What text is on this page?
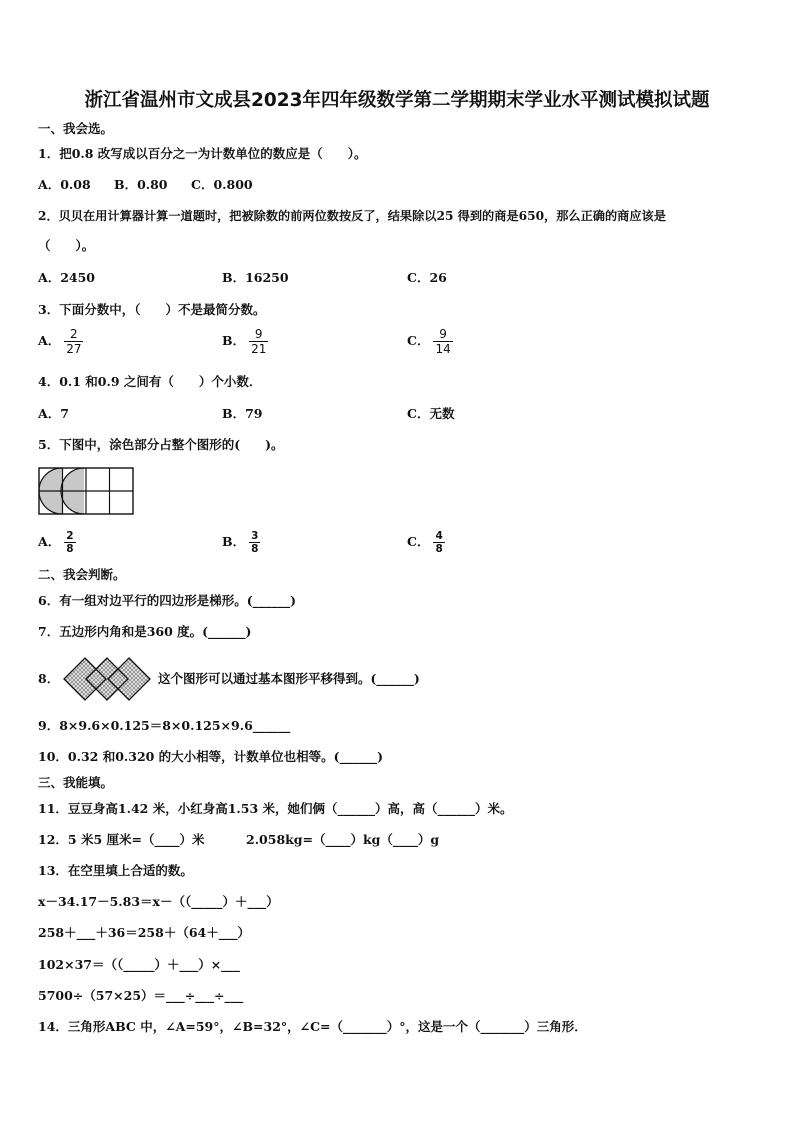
浙江省温州市文成县2023年四年级数学第二学期期末学业水平测试模拟试题
一、我会选。
1．把0.8 改写成以百分之一为计数单位的数应是（　　）。
A．0.08 B．0.80 C．0.800
2．贝贝在用计算器计算一道题时，把被除数的前两位数按反了，结果除以25 得到的商是650，那么正确的商应该是
（　　）。
A．2450	B．16250	C．26
3．下面分数中，（　　）不是最简分数。
A． $\frac{2}{27}$	B． $\frac{9}{21}$	C． $\frac{9}{14}$
4．0.1 和0.9 之间有（　　）个小数．
A．7	B．79	C．无数
5．下图中，涂色部分占整个图形的(　　)。
A． $\frac{2}{8}$	B． $\frac{3}{8}$	C． $\frac{4}{8}$
二、我会判断。
6．有一组对边平行的四边形是梯形。(______)
7．五边形内角和是360 度。(______)
8．	这个图形可以通过基本图形平移得到。(______)
9．8×9.6×0.125＝8×0.125×9.6______
10．0.32 和0.320 的大小相等，计数单位也相等。(______)
三、我能填。
11．豆豆身高1.42 米，小红身高1.53 米，她们俩（______）高，高（______）米。
12．5 米5 厘米=（____）米	2.058kg=（____）kg（____）g
13．在空里填上合适的数。
x－34.17－5.83＝x－（（_____）＋___）
258＋___＋36＝258＋（64＋___）
102×37＝（（_____）＋___）×___
5700÷（57×25）＝___÷___÷___
14．三角形ABC 中，∠A=59°，∠B=32°，∠C=（_______）°，这是一个（_______）三角形．
